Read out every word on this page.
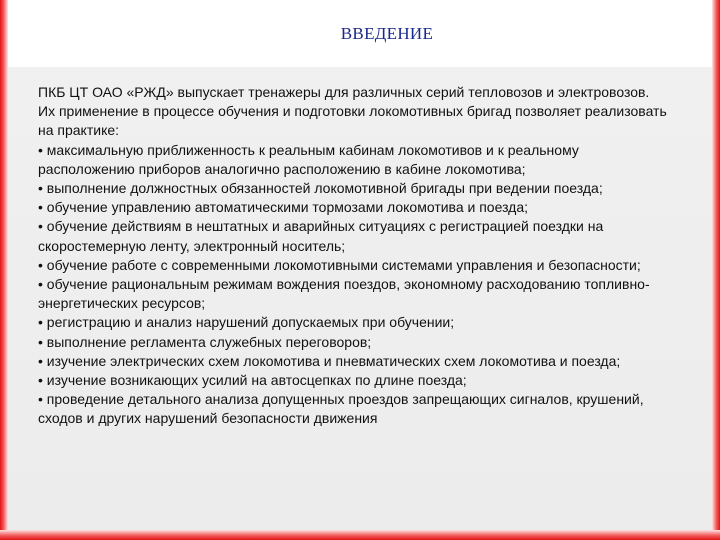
ВВЕДЕНИЕ

ПКБ ЦТ ОАО «РЖД» выпускает тренажеры для различных серий тепловозов и электровозов. Их применение в процессе обучения и подготовки локомотивных бригад позволяет реализовать на практике:

• максимальную приближенность к реальным кабинам локомотивов и к реальному расположению приборов аналогично расположению в кабине локомотива;

• выполнение должностных обязанностей локомотивной бригады при ведении поезда;

• обучение управлению автоматическими тормозами локомотива и поезда;

• обучение действиям в нештатных и аварийных ситуациях с регистрацией поездки на скоростемерную ленту, электронный носитель;

• обучение работе с современными локомотивными системами управления и безопасности;

• обучение рациональным режимам вождения поездов, экономному расходованию топливно-энергетических ресурсов;

• регистрацию и анализ нарушений допускаемых при обучении;

• выполнение регламента служебных переговоров;

• изучение электрических схем локомотива и пневматических схем локомотива и поезда;

• изучение возникающих усилий на автосцепках по длине поезда;

• проведение детального анализа допущенных проездов запрещающих сигналов, крушений, сходов и других нарушений безопасности движения
